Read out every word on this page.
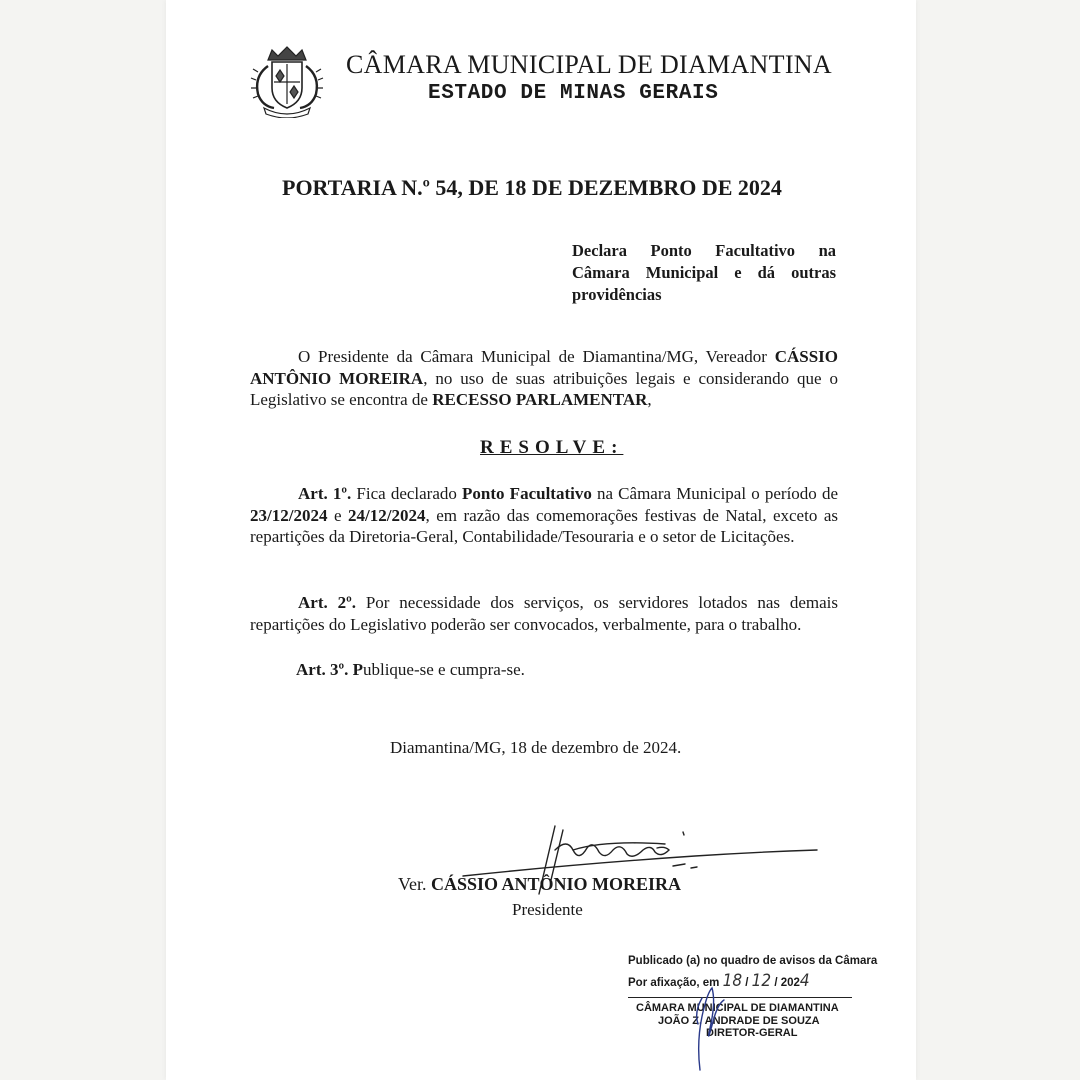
CÂMARA MUNICIPAL DE DIAMANTINA
ESTADO DE MINAS GERAIS
PORTARIA N.º 54, DE 18 DE DEZEMBRO DE 2024
Declara Ponto Facultativo na Câmara Municipal e dá outras providências
O Presidente da Câmara Municipal de Diamantina/MG, Vereador CÁSSIO ANTÔNIO MOREIRA, no uso de suas atribuições legais e considerando que o Legislativo se encontra de RECESSO PARLAMENTAR,
RESOLVE:
Art. 1º. Fica declarado Ponto Facultativo na Câmara Municipal o período de 23/12/2024 e 24/12/2024, em razão das comemorações festivas de Natal, exceto as repartições da Diretoria-Geral, Contabilidade/Tesouraria e o setor de Licitações.
Art. 2º. Por necessidade dos serviços, os servidores lotados nas demais repartições do Legislativo poderão ser convocados, verbalmente, para o trabalho.
Art. 3º. Publique-se e cumpra-se.
Diamantina/MG, 18 de dezembro de 2024.
Ver. CÁSSIO ANTÔNIO MOREIRA
Presidente
Publicado (a) no quadro de avisos da Câmara
Por afixação, em 18 / 12 / 2024
CÂMARA MUNICIPAL DE DIAMANTINA
JOÃO Z. ANDRADE DE SOUZA
DIRETOR-GERAL
